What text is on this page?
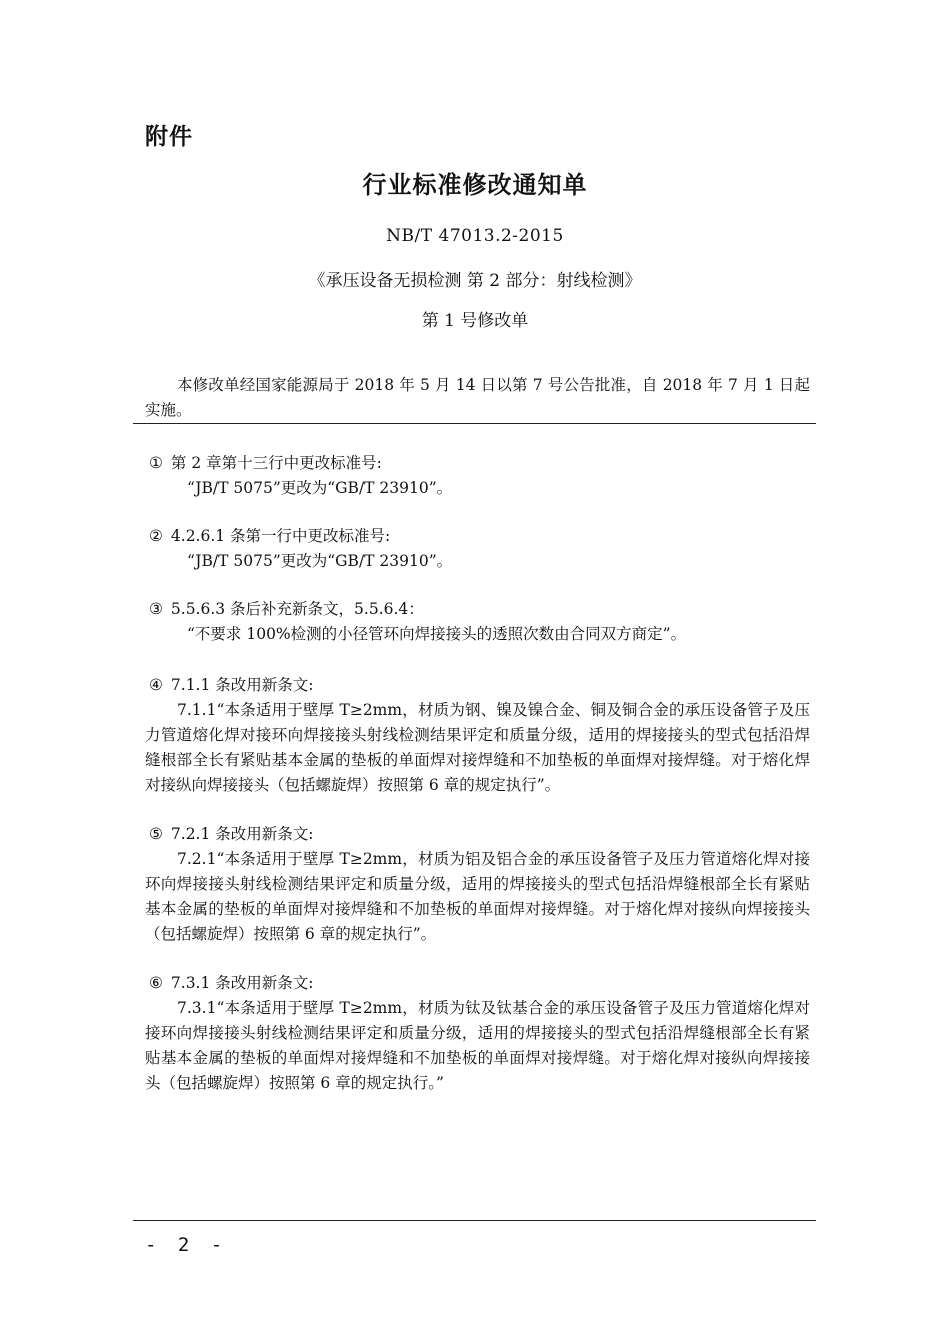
附件
行业标准修改通知单
NB/T 47013.2-2015
《承压设备无损检测 第 2 部分：射线检测》
第 1 号修改单

本修改单经国家能源局于 2018 年 5 月 14 日以第 7 号公告批准，自 2018 年 7 月 1 日起实施。

① 第 2 章第十三行中更改标准号:
“JB/T 5075”更改为“GB/T 23910”。
② 4.2.6.1 条第一行中更改标准号:
“JB/T 5075”更改为“GB/T 23910”。
③ 5.5.6.3 条后补充新条文，5.5.6.4：
“不要求 100%检测的小径管环向焊接接头的透照次数由合同双方商定”。
④ 7.1.1 条改用新条文:
7.1.1“本条适用于壁厚 T≥2mm，材质为钢、镍及镍合金、铜及铜合金的承压设备管子及压力管道熔化焊对接环向焊接接头射线检测结果评定和质量分级，适用的焊接接头的型式包括沿焊缝根部全长有紧贴基本金属的垫板的单面焊对接焊缝和不加垫板的单面焊对接焊缝。对于熔化焊对接纵向焊接接头（包括螺旋焊）按照第 6 章的规定执行”。
⑤ 7.2.1 条改用新条文:
7.2.1“本条适用于壁厚 T≥2mm，材质为铝及铝合金的承压设备管子及压力管道熔化焊对接环向焊接接头射线检测结果评定和质量分级，适用的焊接接头的型式包括沿焊缝根部全长有紧贴基本金属的垫板的单面焊对接焊缝和不加垫板的单面焊对接焊缝。对于熔化焊对接纵向焊接接头（包括螺旋焊）按照第 6 章的规定执行”。
⑥ 7.3.1 条改用新条文:
7.3.1“本条适用于壁厚 T≥2mm，材质为钛及钛基合金的承压设备管子及压力管道熔化焊对接环向焊接接头射线检测结果评定和质量分级，适用的焊接接头的型式包括沿焊缝根部全长有紧贴基本金属的垫板的单面焊对接焊缝和不加垫板的单面焊对接焊缝。对于熔化焊对接纵向焊接接头（包括螺旋焊）按照第 6 章的规定执行。”
- 2 -
